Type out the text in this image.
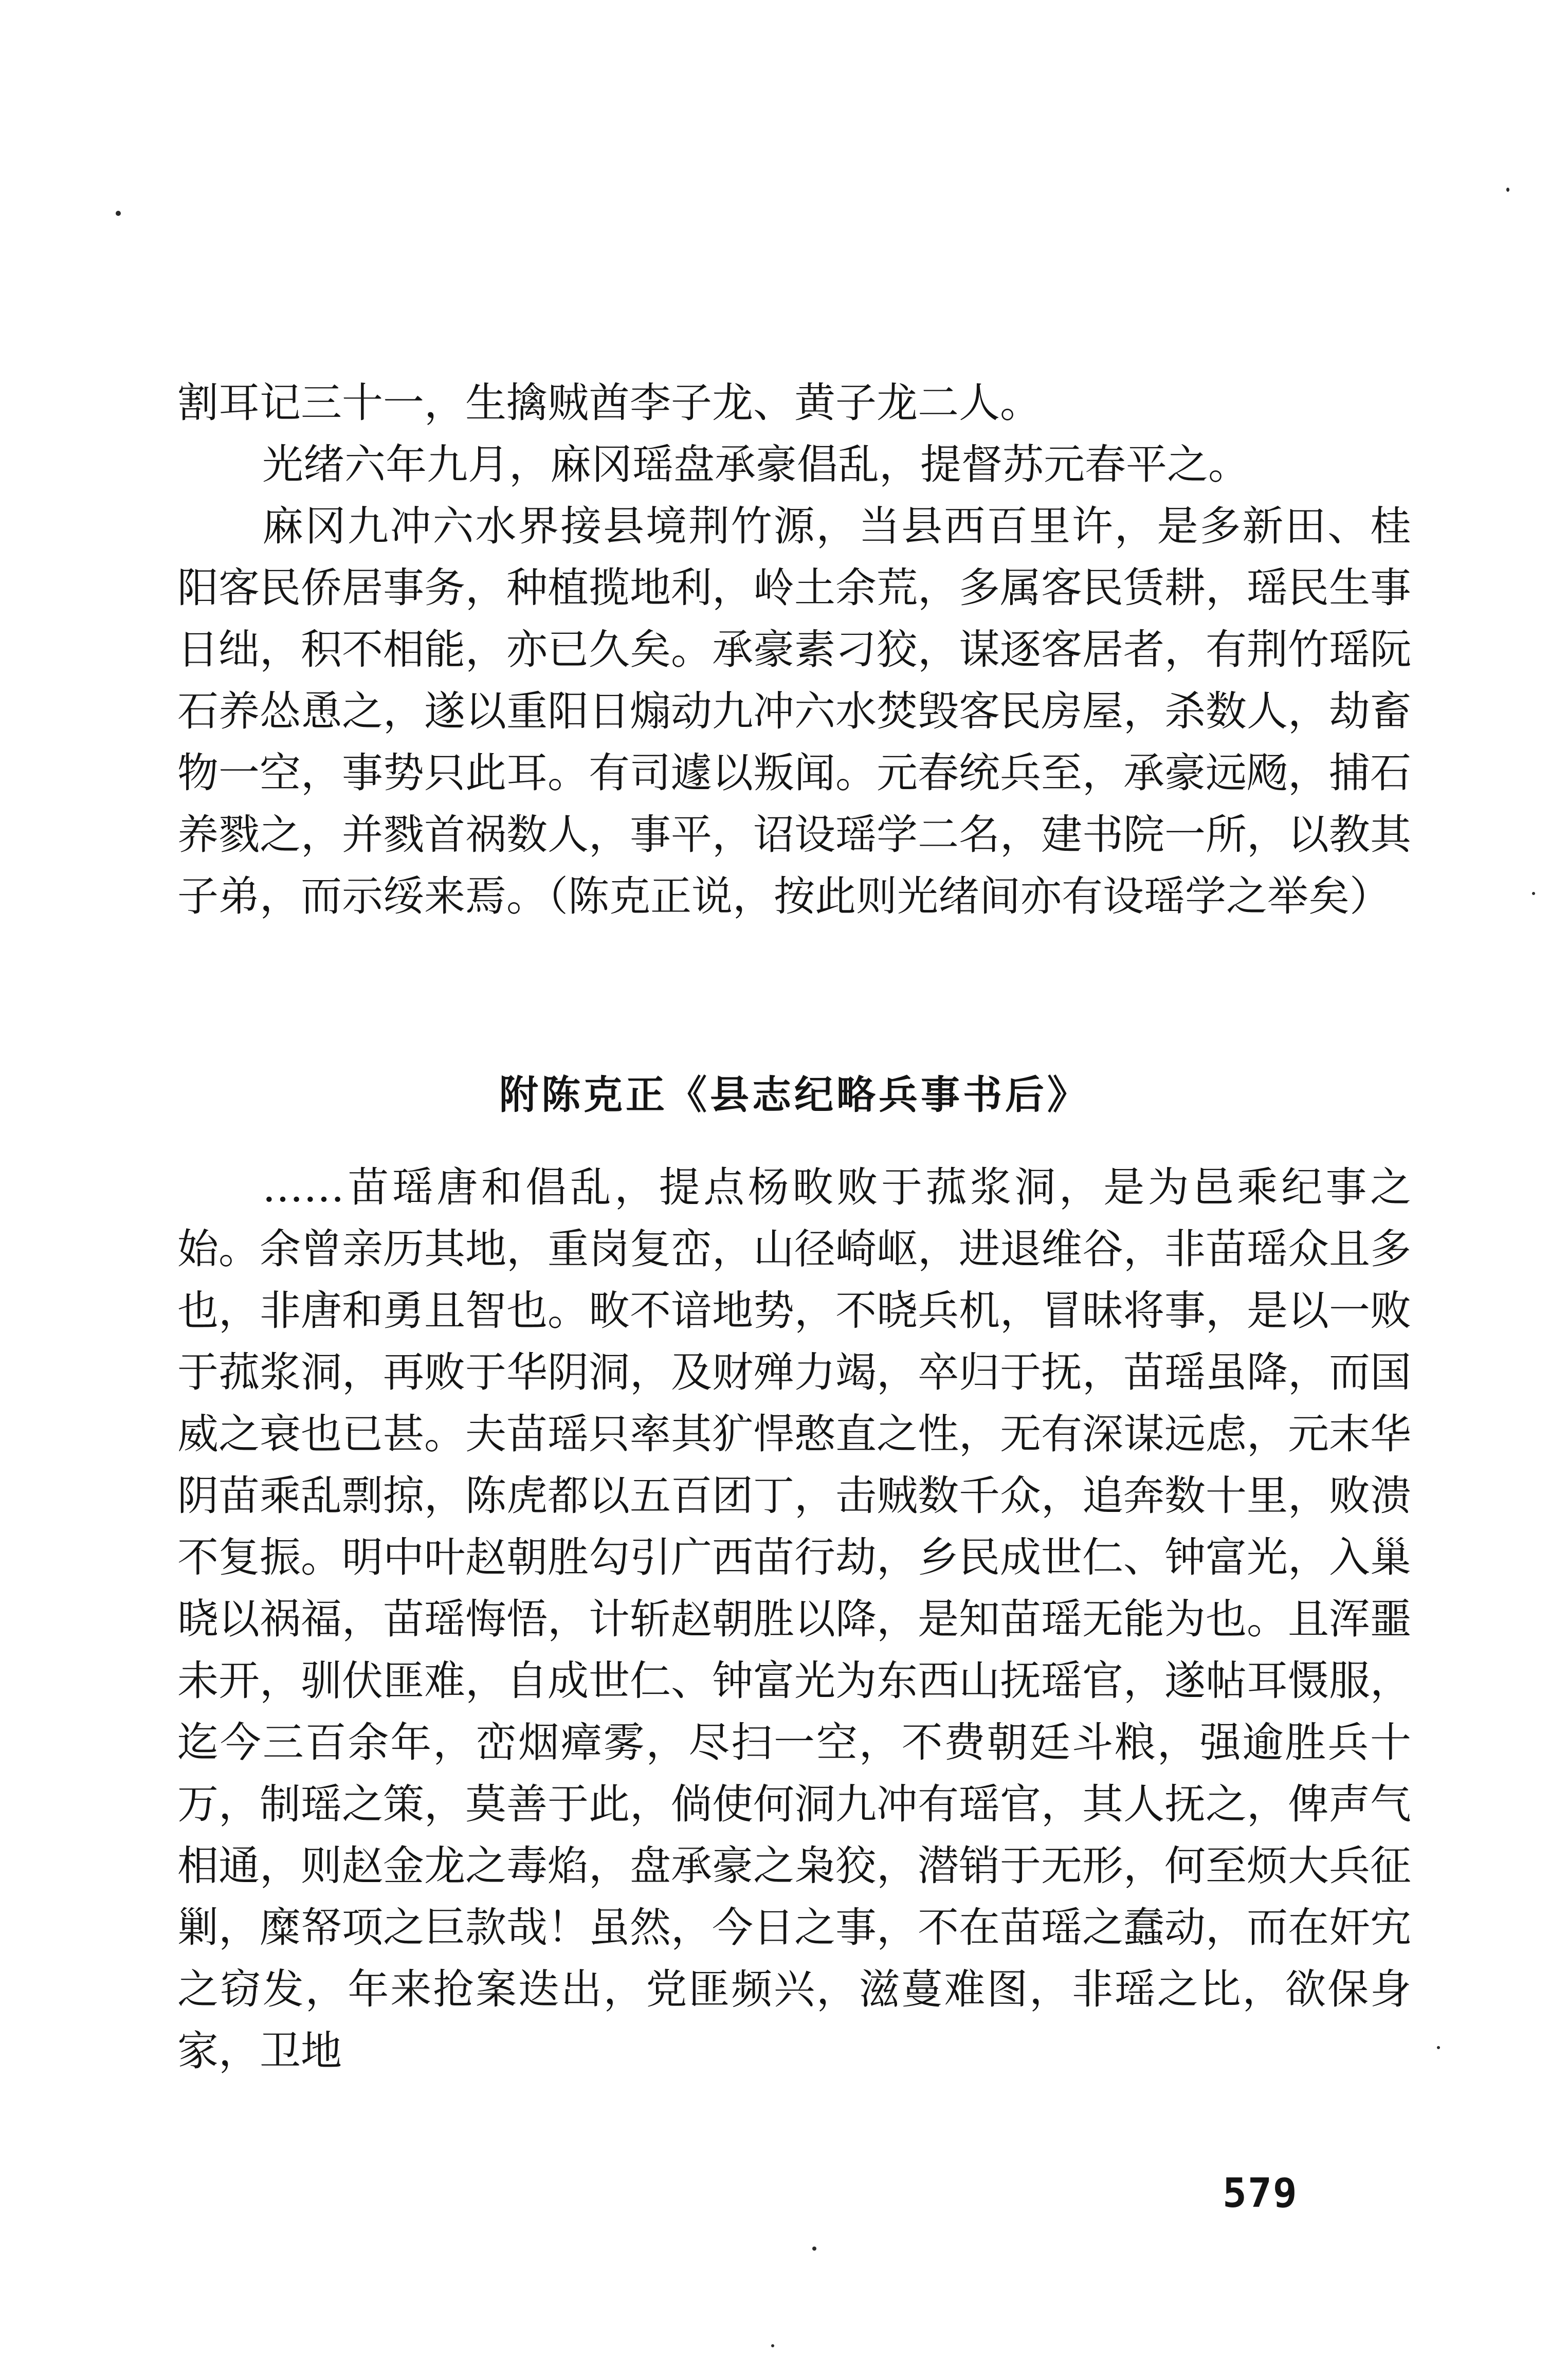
割耳记三十一，生擒贼酋李子龙、黄子龙二人。

光绪六年九月，麻冈瑶盘承豪倡乱，提督苏元春平之。

麻冈九冲六水界接县境荆竹源，当县西百里许，是多新田、桂阳客民侨居事务，种植揽地利，岭土余荒，多属客民赁耕，瑶民生事日绌，积不相能，亦已久矣。承豪素刁狡，谋逐客居者，有荆竹瑶阮石养怂恿之，遂以重阳日煽动九冲六水焚毁客民房屋，杀数人，劫畜物一空，事势只此耳。有司遽以叛闻。元春统兵至，承豪远飏，捕石养戮之，并戮首祸数人，事平，诏设瑶学二名，建书院一所，以教其子弟，而示绥来焉。（陈克正说，按此则光绪间亦有设瑶学之举矣）

附陈克正《县志纪略兵事书后》

……苗瑶唐和倡乱，提点杨畋败于菰浆洞，是为邑乘纪事之始。余曾亲历其地，重岗复峦，山径崎岖，进退维谷，非苗瑶众且多也，非唐和勇且智也。畋不谙地势，不晓兵机，冒昧将事，是以一败于菰浆洞，再败于华阴洞，及财殚力竭，卒归于抚，苗瑶虽降，而国威之衰也已甚。夫苗瑶只率其犷悍憨直之性，无有深谋远虑，元末华阴苗乘乱剽掠，陈虎都以五百团丁，击贼数千众，追奔数十里，败溃不复振。明中叶赵朝胜勾引广西苗行劫，乡民成世仁、钟富光，入巢晓以祸福，苗瑶悔悟，计斩赵朝胜以降，是知苗瑶无能为也。且浑噩未开，驯伏匪难，自成世仁、钟富光为东西山抚瑶官，遂帖耳慑服，迄今三百余年，峦烟瘴雾，尽扫一空，不费朝廷斗粮，强逾胜兵十万，制瑶之策，莫善于此，倘使何洞九冲有瑶官，其人抚之，俾声气相通，则赵金龙之毒焰，盘承豪之枭狡，潜销于无形，何至烦大兵征剿，糜帑项之巨款哉！虽然，今日之事，不在苗瑶之蠢动，而在奸宄之窃发，年来抢案迭出，党匪频兴，滋蔓难图，非瑶之比，欲保身家，卫地

579
